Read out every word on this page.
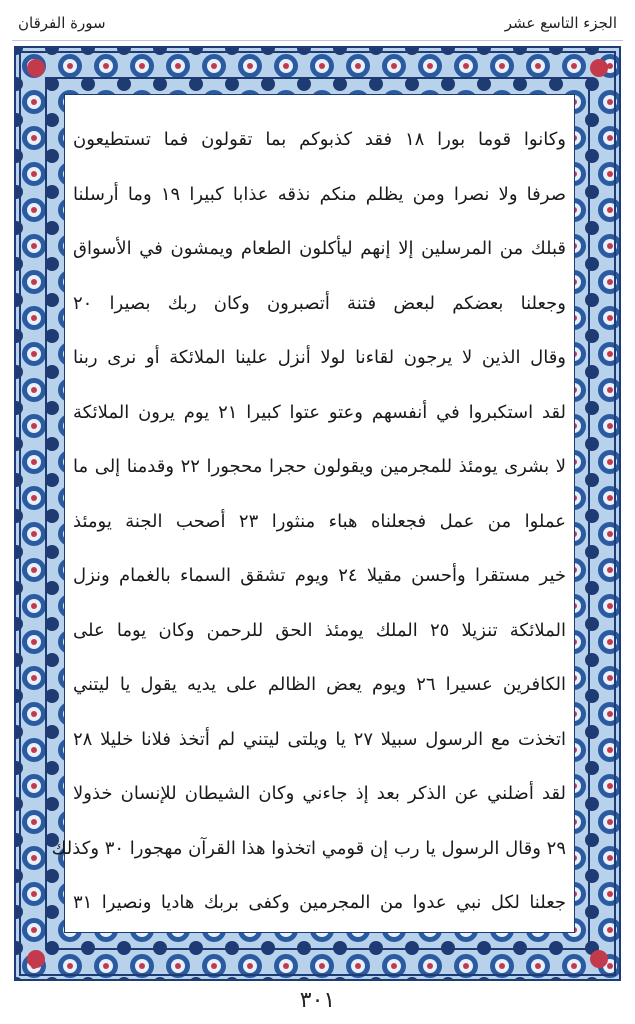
سورة الفرقان	الجزء التاسع عشر
وكانوا قوما بورا ١٨ فقد كذبوكم بما تقولون فما تستطيعون
صرفا ولا نصرا ومن يظلم منكم نذقه عذابا كبيرا ١٩ وما أرسلنا
قبلك من المرسلين إلا إنهم ليأكلون الطعام ويمشون في الأسواق
وجعلنا بعضكم لبعض فتنة أتصبرون وكان ربك بصيرا ٢٠
وقال الذين لا يرجون لقاءنا لولا أنزل علينا الملائكة أو نرى ربنا
لقد استكبروا في أنفسهم وعتو عتوا كبيرا ٢١ يوم يرون الملائكة
لا بشرى يومئذ للمجرمين ويقولون حجرا محجورا ٢٢ وقدمنا إلى ما
عملوا من عمل فجعلناه هباء منثورا ٢٣ أصحب الجنة يومئذ
خير مستقرا وأحسن مقيلا ٢٤ ويوم تشقق السماء بالغمام ونزل
الملائكة تنزيلا ٢٥ الملك يومئذ الحق للرحمن وكان يوما على
الكافرين عسيرا ٢٦ ويوم يعض الظالم على يديه يقول يا ليتني
اتخذت مع الرسول سبيلا ٢٧ يا ويلتى ليتني لم أتخذ فلانا خليلا ٢٨
لقد أضلني عن الذكر بعد إذ جاءني وكان الشيطان للإنسان خذولا
٢٩ وقال الرسول يا رب إن قومي اتخذوا هذا القرآن مهجورا ٣٠ وكذلك
جعلنا لكل نبي عدوا من المجرمين وكفى بربك هاديا ونصيرا ٣١
٣٠١
